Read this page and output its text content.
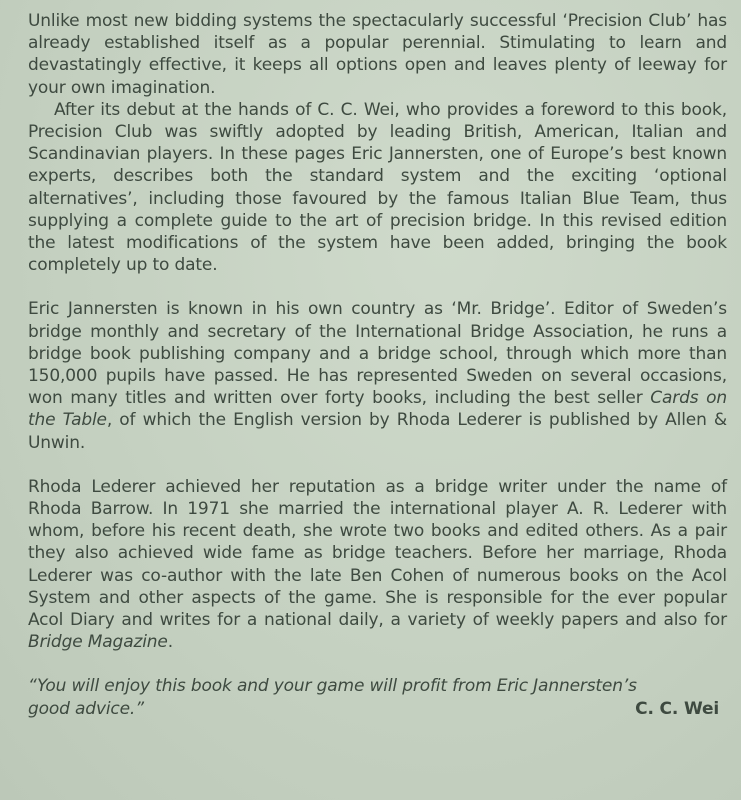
Unlike most new bidding systems the spectacularly successful ‘Precision Club’ has already established itself as a popular perennial. Stimulating to learn and devastatingly effective, it keeps all options open and leaves plenty of leeway for your own imagination.

After its debut at the hands of C. C. Wei, who provides a foreword to this book, Precision Club was swiftly adopted by leading British, American, Italian and Scandinavian players. In these pages Eric Jannersten, one of Europe’s best known experts, describes both the standard system and the exciting ‘optional alternatives’, including those favoured by the famous Italian Blue Team, thus supplying a complete guide to the art of precision bridge. In this revised edition the latest modifications of the system have been added, bringing the book completely up to date.

Eric Jannersten is known in his own country as ‘Mr. Bridge’. Editor of Sweden’s bridge monthly and secretary of the International Bridge Association, he runs a bridge book publishing company and a bridge school, through which more than 150,000 pupils have passed. He has represented Sweden on several occasions, won many titles and written over forty books, including the best seller Cards on the Table, of which the English version by Rhoda Lederer is published by Allen & Unwin.

Rhoda Lederer achieved her reputation as a bridge writer under the name of Rhoda Barrow. In 1971 she married the international player A. R. Lederer with whom, before his recent death, she wrote two books and edited others. As a pair they also achieved wide fame as bridge teachers. Before her marriage, Rhoda Lederer was co-author with the late Ben Cohen of numerous books on the Acol System and other aspects of the game. She is responsible for the ever popular Acol Diary and writes for a national daily, a variety of weekly papers and also for Bridge Magazine.

“You will enjoy this book and your game will profit from Eric Jannersten’s
good advice.”	C. C. Wei
